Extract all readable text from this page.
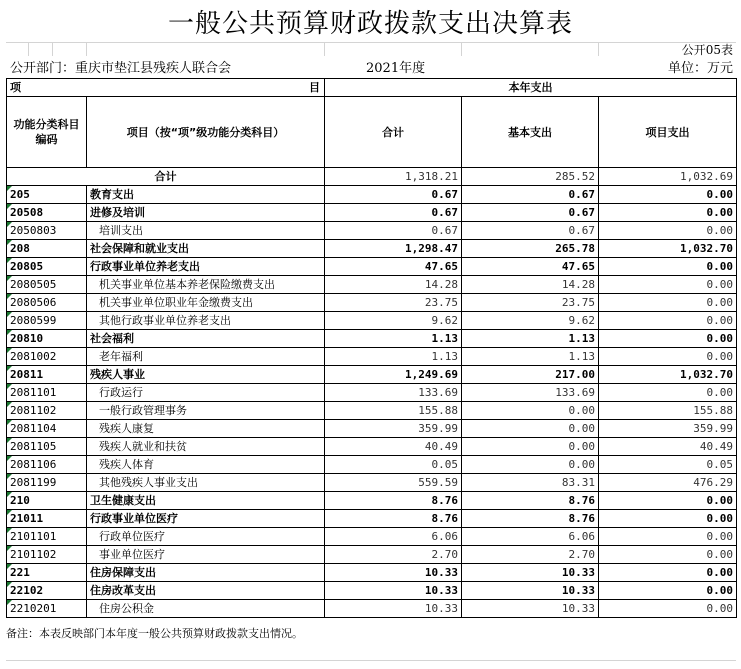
一般公共预算财政拨款支出决算表
公开05表
公开部门：重庆市垫江县残疾人联合会	2021年度	单位：万元
项 目		本年支出		
功能分类科目编码	项目（按“项”级功能分类科目）	合计	基本支出	项目支出
合计		1,318.21	285.52	1,032.69
205	教育支出	0.67	0.67	0.00
20508	进修及培训	0.67	0.67	0.00
2050803	培训支出	0.67	0.67	0.00
208	社会保障和就业支出	1,298.47	265.78	1,032.70
20805	行政事业单位养老支出	47.65	47.65	0.00
2080505	机关事业单位基本养老保险缴费支出	14.28	14.28	0.00
2080506	机关事业单位职业年金缴费支出	23.75	23.75	0.00
2080599	其他行政事业单位养老支出	9.62	9.62	0.00
20810	社会福利	1.13	1.13	0.00
2081002	老年福利	1.13	1.13	0.00
20811	残疾人事业	1,249.69	217.00	1,032.70
2081101	行政运行	133.69	133.69	0.00
2081102	一般行政管理事务	155.88	0.00	155.88
2081104	残疾人康复	359.99	0.00	359.99
2081105	残疾人就业和扶贫	40.49	0.00	40.49
2081106	残疾人体育	0.05	0.00	0.05
2081199	其他残疾人事业支出	559.59	83.31	476.29
210	卫生健康支出	8.76	8.76	0.00
21011	行政事业单位医疗	8.76	8.76	0.00
2101101	行政单位医疗	6.06	6.06	0.00
2101102	事业单位医疗	2.70	2.70	0.00
221	住房保障支出	10.33	10.33	0.00
22102	住房改革支出	10.33	10.33	0.00
2210201	住房公积金	10.33	10.33	0.00
备注：本表反映部门本年度一般公共预算财政拨款支出情况。
